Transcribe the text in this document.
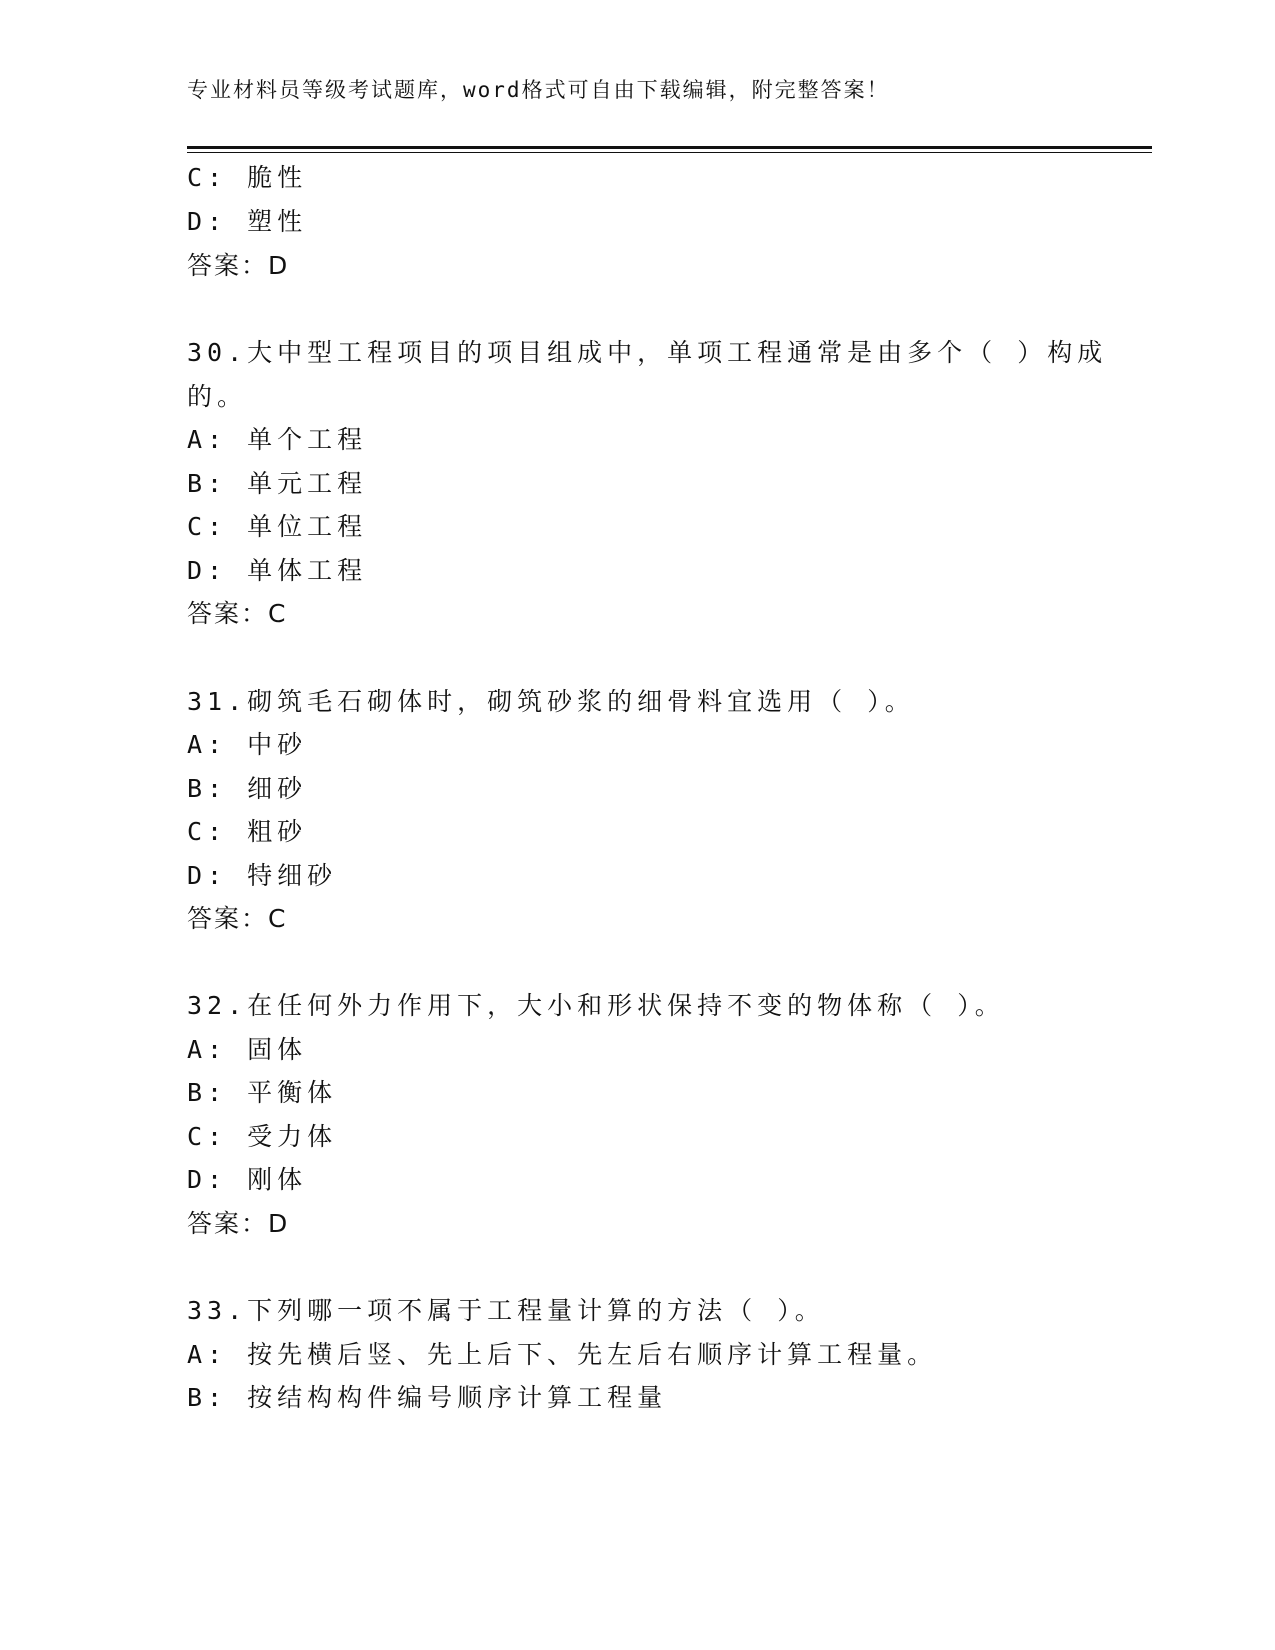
专业材料员等级考试题库，word格式可自由下载编辑，附完整答案！
C: 脆性
D: 塑性
答案：D
30.大中型工程项目的项目组成中，单项工程通常是由多个（ ）构成
的。
A: 单个工程
B: 单元工程
C: 单位工程
D: 单体工程
答案：C
31.砌筑毛石砌体时，砌筑砂浆的细骨料宜选用（ ）。
A: 中砂
B: 细砂
C: 粗砂
D: 特细砂
答案：C
32.在任何外力作用下，大小和形状保持不变的物体称（ ）。
A: 固体
B: 平衡体
C: 受力体
D: 刚体
答案：D
33.下列哪一项不属于工程量计算的方法（ ）。
A: 按先横后竖、先上后下、先左后右顺序计算工程量。
B: 按结构构件编号顺序计算工程量
